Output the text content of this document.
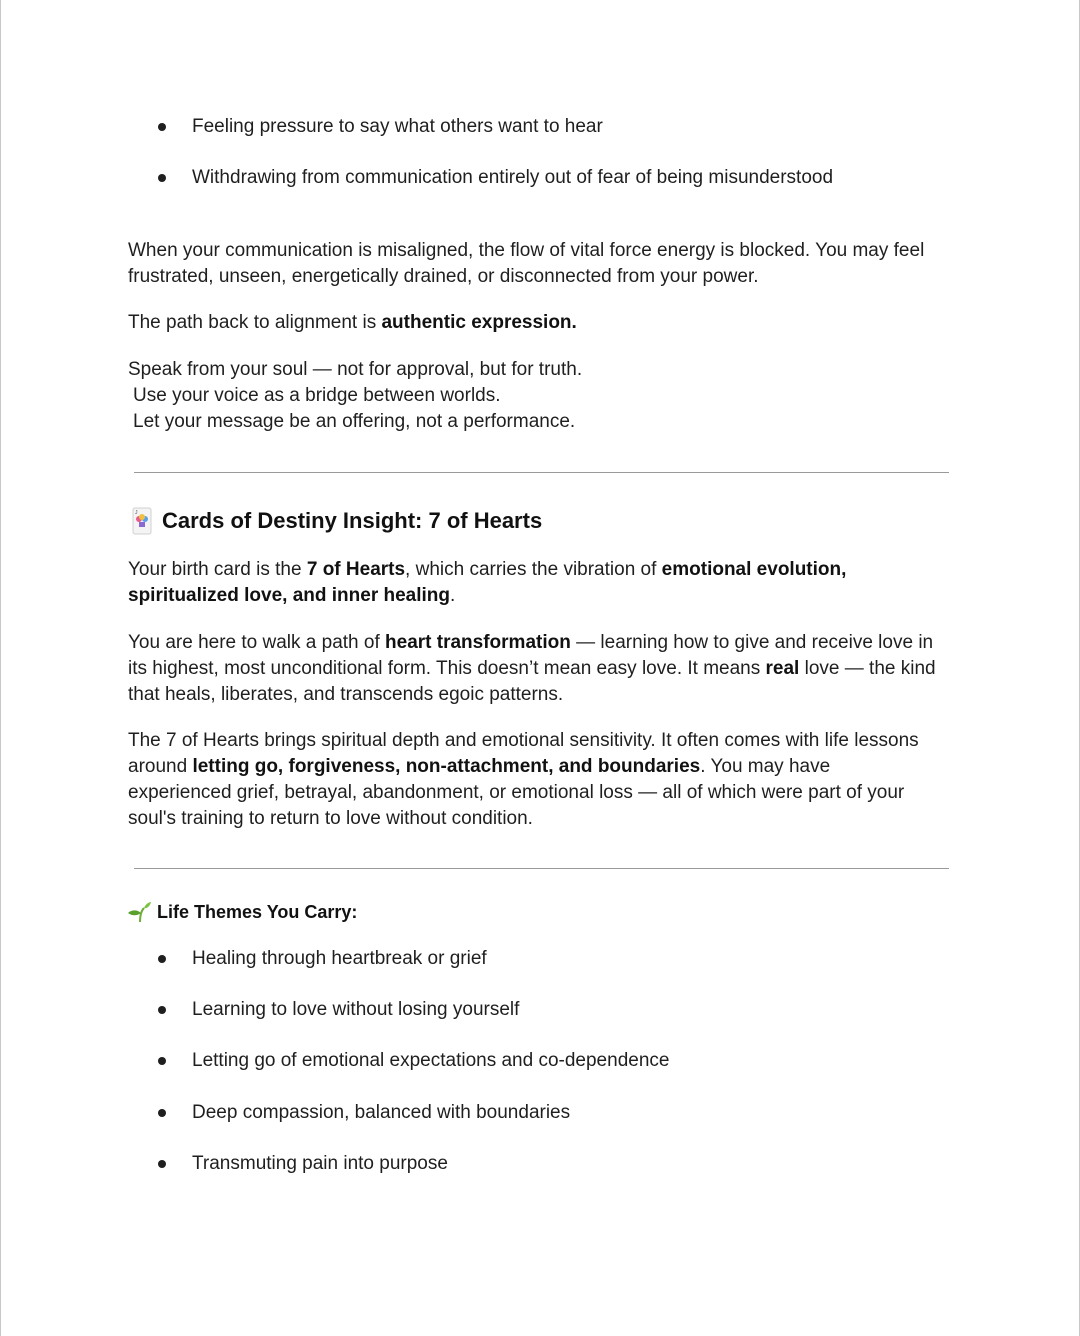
Feeling pressure to say what others want to hear
Withdrawing from communication entirely out of fear of being misunderstood
When your communication is misaligned, the flow of vital force energy is blocked. You may feel
frustrated, unseen, energetically drained, or disconnected from your power.
The path back to alignment is authentic expression.
Speak from your soul — not for approval, but for truth.
Use your voice as a bridge between worlds.
Let your message be an offering, not a performance.
J Cards of Destiny Insight: 7 of Hearts
Your birth card is the 7 of Hearts, which carries the vibration of emotional evolution,
spiritualized love, and inner healing.
You are here to walk a path of heart transformation — learning how to give and receive love in
its highest, most unconditional form. This doesn’t mean easy love. It means real love — the kind
that heals, liberates, and transcends egoic patterns.
The 7 of Hearts brings spiritual depth and emotional sensitivity. It often comes with life lessons
around letting go, forgiveness, non-attachment, and boundaries. You may have
experienced grief, betrayal, abandonment, or emotional loss — all of which were part of your
soul's training to return to love without condition.
Life Themes You Carry:
Healing through heartbreak or grief
Learning to love without losing yourself
Letting go of emotional expectations and co-dependence
Deep compassion, balanced with boundaries
Transmuting pain into purpose
